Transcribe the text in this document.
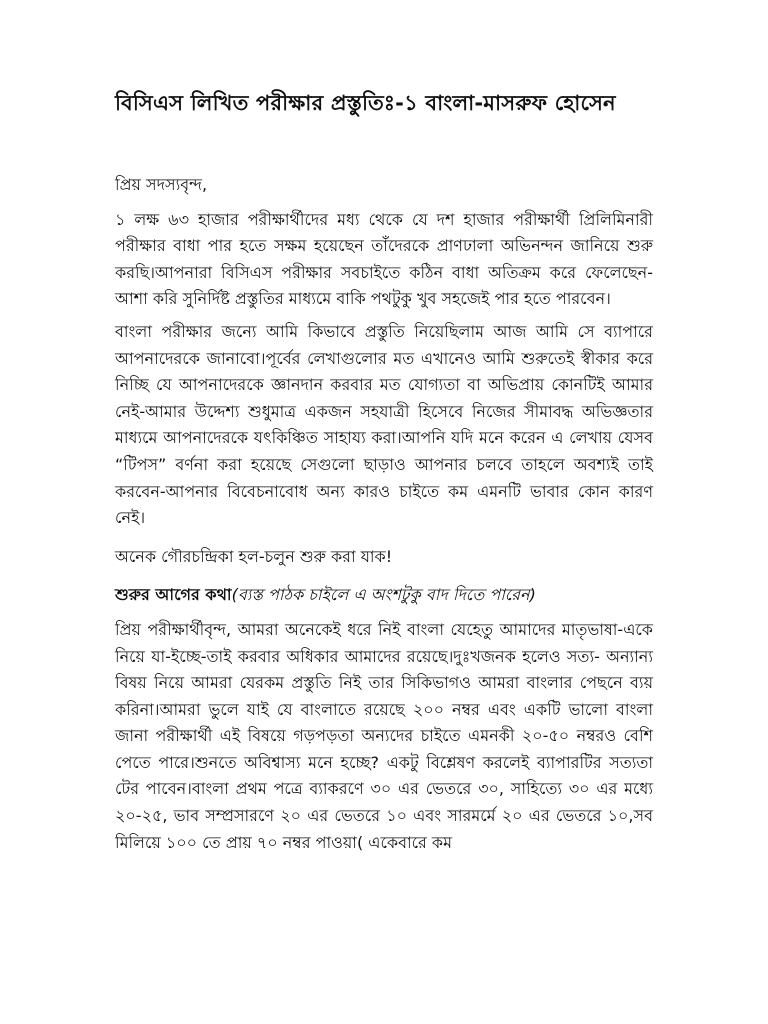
বিসিএস লিখিত পরীক্ষার প্রস্তুতিঃ-১ বাংলা-মাসরুফ হোসেন

প্রিয় সদস্যবৃন্দ,

১ লক্ষ ৬৩ হাজার পরীক্ষার্থীদের মধ্য থেকে যে দশ হাজার পরীক্ষার্থী প্রিলিমিনারী পরীক্ষার বাধা পার হতে সক্ষম হয়েছেন তাঁদেরকে প্রাণঢালা অভিনন্দন জানিয়ে শুরু করছি।আপনারা বিসিএস পরীক্ষার সবচাইতে কঠিন বাধা অতিক্রম করে ফেলেছেন-আশা করি সুনির্দিষ্ট প্রস্তুতির মাধ্যমে বাকি পথটুকু খুব সহজেই পার হতে পারবেন।

বাংলা পরীক্ষার জন্যে আমি কিভাবে প্রস্তুতি নিয়েছিলাম আজ আমি সে ব্যাপারে আপনাদেরকে জানাবো।পূর্বের লেখাগুলোর মত এখানেও আমি শুরুতেই স্বীকার করে নিচ্ছি যে আপনাদেরকে জ্ঞানদান করবার মত যোগ্যতা বা অভিপ্রায় কোনটিই আমার নেই-আমার উদ্দেশ্য শুধুমাত্র একজন সহযাত্রী হিসেবে নিজের সীমাবদ্ধ অভিজ্ঞতার মাধ্যমে আপনাদেরকে যৎকিঞ্চিত সাহায্য করা।আপনি যদি মনে করেন এ লেখায় যেসব “টিপস” বর্ণনা করা হয়েছে সেগুলো ছাড়াও আপনার চলবে তাহলে অবশ্যই তাই করবেন-আপনার বিবেচনাবোধ অন্য কারও চাইতে কম এমনটি ভাবার কোন কারণ নেই।

অনেক গৌরচন্দ্রিকা হল-চলুন শুরু করা যাক!

শুরুর আগের কথা(ব্যস্ত পাঠক চাইলে এ অংশটুকু বাদ দিতে পারেন)

প্রিয় পরীক্ষার্থীবৃন্দ, আমরা অনেকেই ধরে নিই বাংলা যেহেতু আমাদের মাতৃভাষা-একে নিয়ে যা-ইচ্ছে-তাই করবার অধিকার আমাদের রয়েছে।দুঃখজনক হলেও সত্য- অন্যান্য বিষয় নিয়ে আমরা যেরকম প্রস্তুতি নিই তার সিকিভাগও আমরা বাংলার পেছনে ব্যয় করিনা।আমরা ভুলে যাই যে বাংলাতে রয়েছে ২০০ নম্বর এবং একটি ভালো বাংলা জানা পরীক্ষার্থী এই বিষয়ে গড়পড়তা অন্যদের চাইতে এমনকী ২০-৫০ নম্বরও বেশি পেতে পারে।শুনতে অবিশ্বাস্য মনে হচ্ছে? একটু বিশ্লেষণ করলেই ব্যাপারটির সত্যতা টের পাবেন।বাংলা প্রথম পত্রে ব্যাকরণে ৩০ এর ভেতরে ৩০, সাহিত্যে ৩০ এর মধ্যে ২০-২৫, ভাব সম্প্রসারণে ২০ এর ভেতরে ১০ এবং সারমর্মে ২০ এর ভেতরে ১০,সব মিলিয়ে ১০০ তে প্রায় ৭০ নম্বর পাওয়া( একেবারে কম
